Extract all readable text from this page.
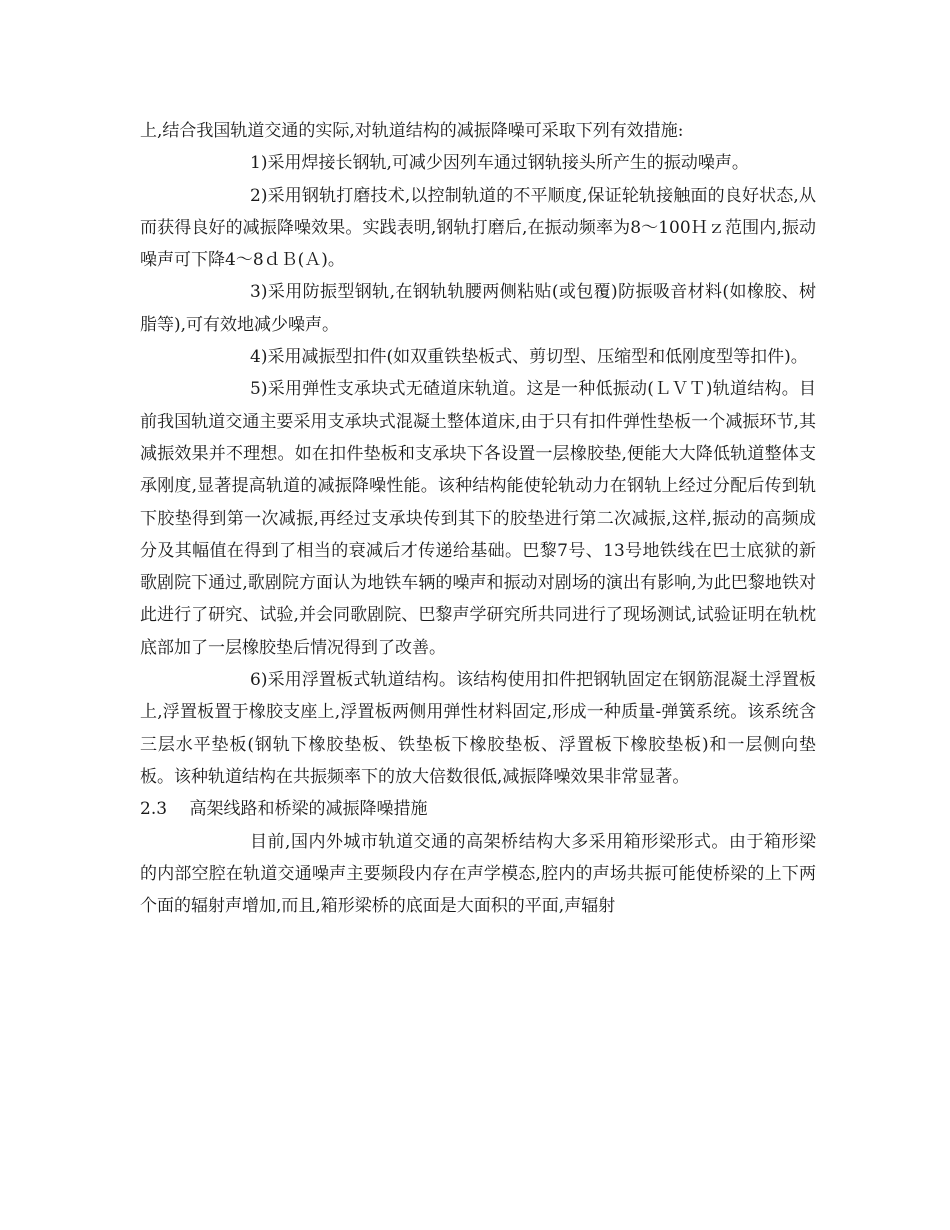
上,结合我国轨道交通的实际,对轨道结构的减振降噪可采取下列有效措施:

1)采用焊接长钢轨,可减少因列车通过钢轨接头所产生的振动噪声。

2)采用钢轨打磨技术,以控制轨道的不平顺度,保证轮轨接触面的良好状态,从而获得良好的减振降噪效果。实践表明,钢轨打磨后,在振动频率为8～100Ｈｚ范围内,振动噪声可下降4～8ｄＢ(Ａ)。

3)采用防振型钢轨,在钢轨轨腰两侧粘贴(或包覆)防振吸音材料(如橡胶、树脂等),可有效地减少噪声。

4)采用减振型扣件(如双重铁垫板式、剪切型、压缩型和低刚度型等扣件)。

5)采用弹性支承块式无碴道床轨道。这是一种低振动(ＬＶＴ)轨道结构。目前我国轨道交通主要采用支承块式混凝土整体道床,由于只有扣件弹性垫板一个减振环节,其减振效果并不理想。如在扣件垫板和支承块下各设置一层橡胶垫,便能大大降低轨道整体支承刚度,显著提高轨道的减振降噪性能。该种结构能使轮轨动力在钢轨上经过分配后传到轨下胶垫得到第一次减振,再经过支承块传到其下的胶垫进行第二次减振,这样,振动的高频成分及其幅值在得到了相当的衰减后才传递给基础。巴黎7号、13号地铁线在巴士底狱的新歌剧院下通过,歌剧院方面认为地铁车辆的噪声和振动对剧场的演出有影响,为此巴黎地铁对此进行了研究、试验,并会同歌剧院、巴黎声学研究所共同进行了现场测试,试验证明在轨枕底部加了一层橡胶垫后情况得到了改善。

6)采用浮置板式轨道结构。该结构使用扣件把钢轨固定在钢筋混凝土浮置板上,浮置板置于橡胶支座上,浮置板两侧用弹性材料固定,形成一种质量-弹簧系统。该系统含三层水平垫板(钢轨下橡胶垫板、铁垫板下橡胶垫板、浮置板下橡胶垫板)和一层侧向垫板。该种轨道结构在共振频率下的放大倍数很低,减振降噪效果非常显著。

2.3　 高架线路和桥梁的减振降噪措施

目前,国内外城市轨道交通的高架桥结构大多采用箱形梁形式。由于箱形梁的内部空腔在轨道交通噪声主要频段内存在声学模态,腔内的声场共振可能使桥梁的上下两个面的辐射声增加,而且,箱形梁桥的底面是大面积的平面,声辐射
